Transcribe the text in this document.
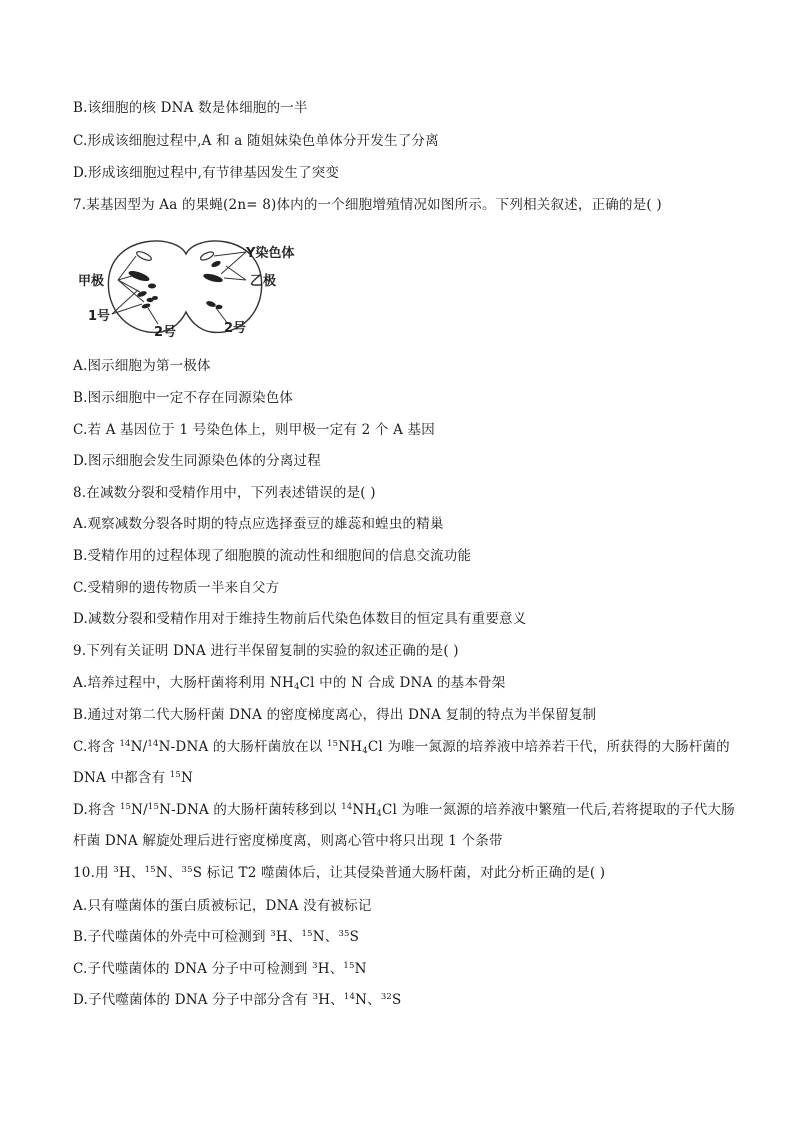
B.该细胞的核 DNA 数是体细胞的一半
C.形成该细胞过程中,A 和 a 随姐妹染色单体分开发生了分离
D.形成该细胞过程中,有节律基因发生了突变
7.某基因型为 Aa 的果蝇(2n= 8)体内的一个细胞增殖情况如图所示。下列相关叙述，正确的是( )
Y染色体
甲极	乙极
1号
2号	2号
A.图示细胞为第一极体
B.图示细胞中一定不存在同源染色体
C.若 A 基因位于 1 号染色体上，则甲极一定有 2 个 A 基因
D.图示细胞会发生同源染色体的分离过程
8.在减数分裂和受精作用中，下列表述错误的是( )
A.观察减数分裂各时期的特点应选择蚕豆的雄蕊和蝗虫的精巢
B.受精作用的过程体现了细胞膜的流动性和细胞间的信息交流功能
C.受精卵的遗传物质一半来自父方
D.减数分裂和受精作用对于维持生物前后代染色体数目的恒定具有重要意义
9.下列有关证明 DNA 进行半保留复制的实验的叙述正确的是( )
A.培养过程中，大肠杆菌将利用 $NH_4Cl$ 中的 N 合成 DNA 的基本骨架
B.通过对第二代大肠杆菌 DNA 的密度梯度离心，得出 DNA 复制的特点为半保留复制
C.将含 $^{14}$N/$^{14}$N-DNA 的大肠杆菌放在以 $^{15}NH_4Cl$ 为唯一氮源的培养液中培养若干代，所获得的大肠杆菌的
DNA 中都含有 $^{15}$N
D.将含 $^{15}$N/$^{15}$N-DNA 的大肠杆菌转移到以 $^{14}NH_4Cl$ 为唯一氮源的培养液中繁殖一代后,若将提取的子代大肠
杆菌 DNA 解旋处理后进行密度梯度离，则离心管中将只出现 1 个条带
10.用 $^3$H、$^{15}$N、$^{35}$S 标记 T2 噬菌体后，让其侵染普通大肠杆菌，对此分析正确的是( )
A.只有噬菌体的蛋白质被标记，DNA 没有被标记
B.子代噬菌体的外壳中可检测到 $^3$H、$^{15}$N、$^{35}$S
C.子代噬菌体的 DNA 分子中可检测到 $^3$H、$^{15}$N
D.子代噬菌体的 DNA 分子中部分含有 $^3$H、$^{14}$N、$^{32}$S
